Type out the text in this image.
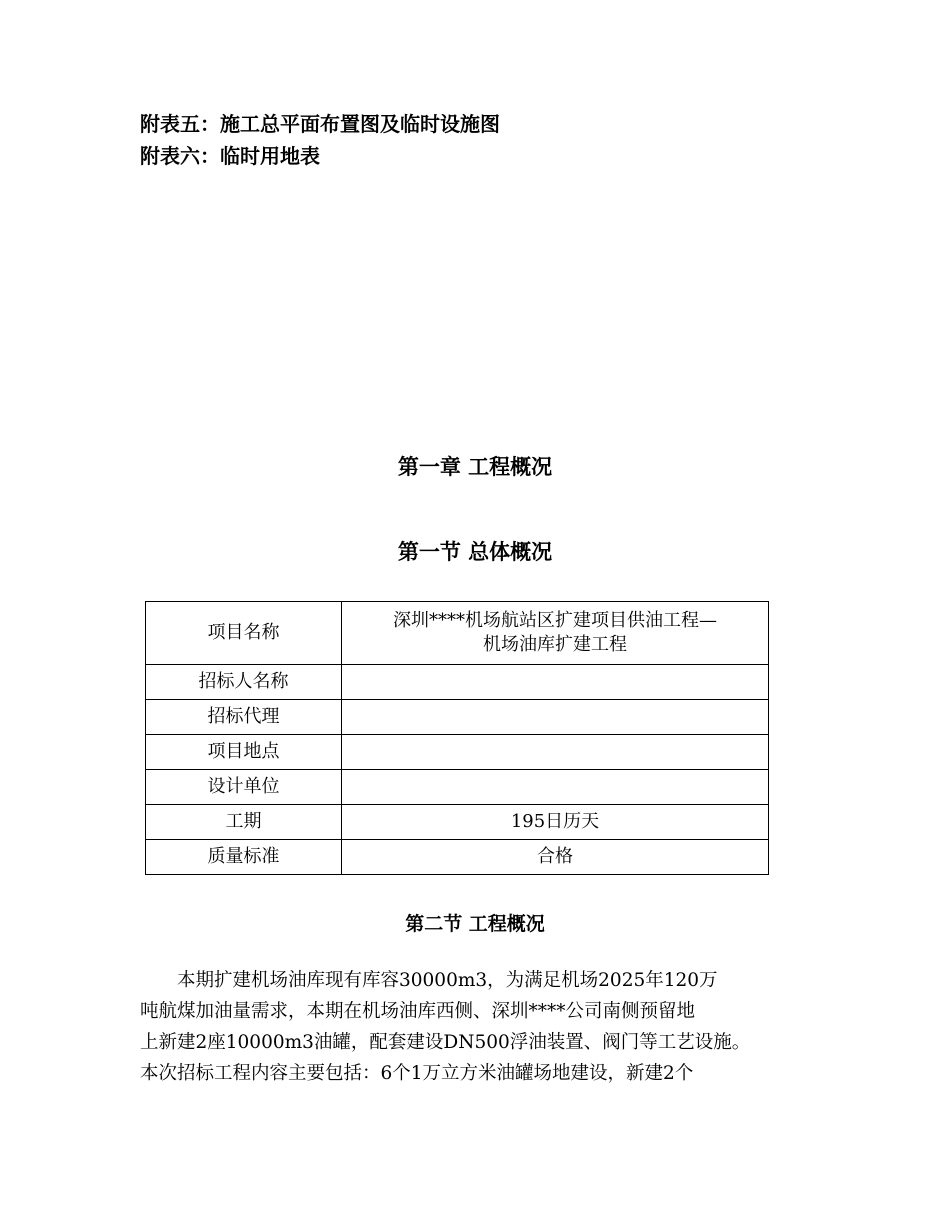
附表五：施工总平面布置图及临时设施图
附表六：临时用地表
第一章 工程概况
第一节 总体概况
项目名称	深圳****机场航站区扩建项目供油工程—
机场油库扩建工程

招标人名称	
招标代理	
项目地点	
设计单位	
工期	195日历天
质量标准	合格
第二节 工程概况

　　本期扩建机场油库现有库容30000m3，为满足机场2025年120万

吨航煤加油量需求，本期在机场油库西侧、深圳****公司南侧预留地

上新建2座10000m3油罐，配套建设DN500浮油装置、阀门等工艺设施。

本次招标工程内容主要包括：6个1万立方米油罐场地建设，新建2个
